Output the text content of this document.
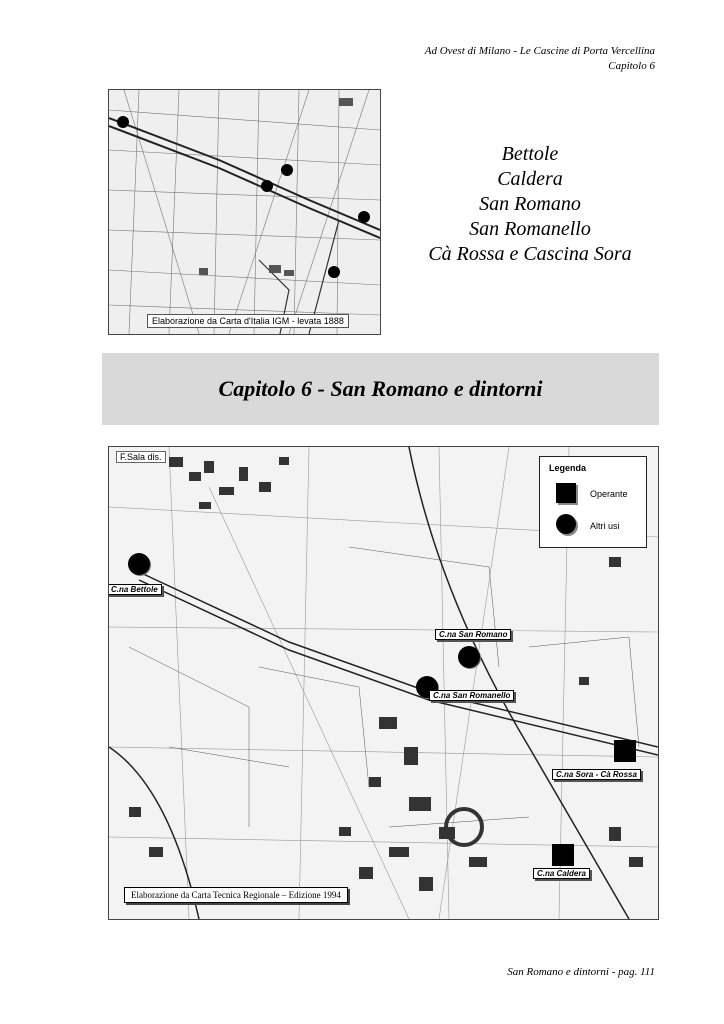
Ad Ovest di Milano - Le Cascine di Porta Vercellina
Capitolo 6
Elaborazione da Carta d'Italia IGM - levata 1888
Bettole
Caldera
San Romano
San Romanello
Cà Rossa e Cascina Sora
Capitolo 6 - San Romano e dintorni
F.Sala dis.
Legenda
Operante
Altri usi
C.na Bettole
C.na San Romano
C.na San Romanello
C.na Sora - Cà Rossa
C.na Caldera
Elaborazione da Carta Tecnica Regionale – Edizione 1994
San Romano e dintorni - pag. 111
